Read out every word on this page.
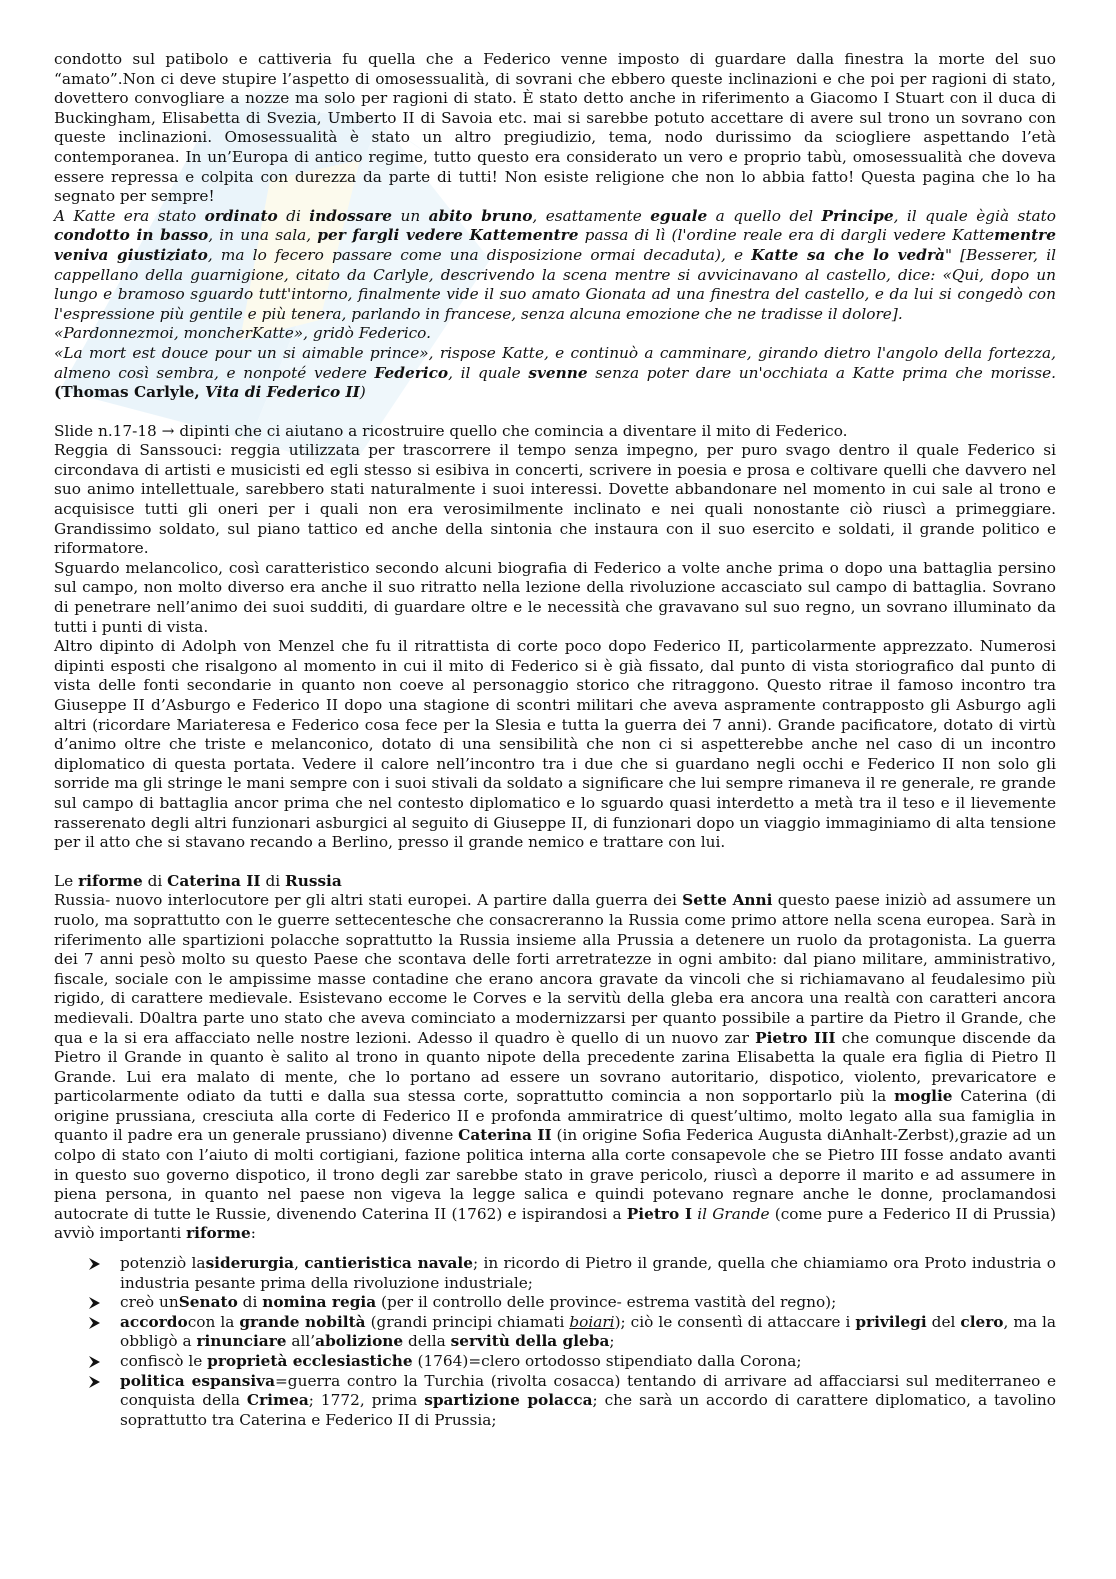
condotto sul patibolo e cattiveria fu quella che a Federico venne imposto di guardare dalla finestra la morte del suo “amato”.Non ci deve stupire l’aspetto di omosessualità, di sovrani che ebbero queste inclinazioni e che poi per ragioni di stato, dovettero convogliare a nozze ma solo per ragioni di stato. È stato detto anche in riferimento a Giacomo I Stuart con il duca di Buckingham, Elisabetta di Svezia, Umberto II di Savoia etc. mai si sarebbe potuto accettare di avere sul trono un sovrano con queste inclinazioni. Omosessualità è stato un altro pregiudizio, tema, nodo durissimo da sciogliere aspettando l’età contemporanea. In un’Europa di antico regime, tutto questo era considerato un vero e proprio tabù, omosessualità che doveva essere repressa e colpita con durezza da parte di tutti! Non esiste religione che non lo abbia fatto! Questa pagina che lo ha segnato per sempre!

A Katte era stato ordinato di indossare un abito bruno, esattamente eguale a quello del Principe, il quale ègià stato condotto in basso, in una sala, per fargli vedere Kattementre passa di lì (l'ordine reale era di dargli vedere Kattementre veniva giustiziato, ma lo fecero passare come una disposizione ormai decaduta), e Katte sa che lo vedrà" [Besserer, il cappellano della guarnigione, citato da Carlyle, descrivendo la scena mentre si avvicinavano al castello, dice: «Qui, dopo un lungo e bramoso sguardo tutt'intorno, finalmente vide il suo amato Gionata ad una finestra del castello, e da lui si congedò con l'espressione più gentile e più tenera, parlando in francese, senza alcuna emozione che ne tradisse il dolore].

«Pardonnezmoi, moncherKatte», gridò Federico.

«La mort est douce pour un si aimable prince», rispose Katte, e continuò a camminare, girando dietro l'angolo della fortezza, almeno così sembra, e nonpoté vedere Federico, il quale svenne senza poter dare un'occhiata a Katte prima che morisse. (Thomas Carlyle, Vita di Federico II)

Slide n.17-18 → dipinti che ci aiutano a ricostruire quello che comincia a diventare il mito di Federico.

Reggia di Sanssouci: reggia utilizzata per trascorrere il tempo senza impegno, per puro svago dentro il quale Federico si circondava di artisti e musicisti ed egli stesso si esibiva in concerti, scrivere in poesia e prosa e coltivare quelli che davvero nel suo animo intellettuale, sarebbero stati naturalmente i suoi interessi. Dovette abbandonare nel momento in cui sale al trono e acquisisce tutti gli oneri per i quali non era verosimilmente inclinato e nei quali nonostante ciò riuscì a primeggiare. Grandissimo soldato, sul piano tattico ed anche della sintonia che instaura con il suo esercito e soldati, il grande politico e riformatore.

Sguardo melancolico, così caratteristico secondo alcuni biografia di Federico a volte anche prima o dopo una battaglia persino sul campo, non molto diverso era anche il suo ritratto nella lezione della rivoluzione accasciato sul campo di battaglia. Sovrano di penetrare nell’animo dei suoi sudditi, di guardare oltre e le necessità che gravavano sul suo regno, un sovrano illuminato da tutti i punti di vista.

Altro dipinto di Adolph von Menzel che fu il ritrattista di corte poco dopo Federico II, particolarmente apprezzato. Numerosi dipinti esposti che risalgono al momento in cui il mito di Federico si è già fissato, dal punto di vista storiografico dal punto di vista delle fonti secondarie in quanto non coeve al personaggio storico che ritraggono. Questo ritrae il famoso incontro tra Giuseppe II d’Asburgo e Federico II dopo una stagione di scontri militari che aveva aspramente contrapposto gli Asburgo agli altri (ricordare Mariateresa e Federico cosa fece per la Slesia e tutta la guerra dei 7 anni). Grande pacificatore, dotato di virtù d’animo oltre che triste e melanconico, dotato di una sensibilità che non ci si aspetterebbe anche nel caso di un incontro diplomatico di questa portata. Vedere il calore nell’incontro tra i due che si guardano negli occhi e Federico II non solo gli sorride ma gli stringe le mani sempre con i suoi stivali da soldato a significare che lui sempre rimaneva il re generale, re grande sul campo di battaglia ancor prima che nel contesto diplomatico e lo sguardo quasi interdetto a metà tra il teso e il lievemente rasserenato degli altri funzionari asburgici al seguito di Giuseppe II, di funzionari dopo un viaggio immaginiamo di alta tensione per il atto che si stavano recando a Berlino, presso il grande nemico e trattare con lui.

Le riforme di Caterina II di Russia

Russia- nuovo interlocutore per gli altri stati europei. A partire dalla guerra dei Sette Anni questo paese iniziò ad assumere un ruolo, ma soprattutto con le guerre settecentesche che consacreranno la Russia come primo attore nella scena europea. Sarà in riferimento alle spartizioni polacche soprattutto la Russia insieme alla Prussia a detenere un ruolo da protagonista. La guerra dei 7 anni pesò molto su questo Paese che scontava delle forti arretratezze in ogni ambito: dal piano militare, amministrativo, fiscale, sociale con le ampissime masse contadine che erano ancora gravate da vincoli che si richiamavano al feudalesimo più rigido, di carattere medievale. Esistevano eccome le Corves e la servitù della gleba era ancora una realtà con caratteri ancora medievali. D0altra parte uno stato che aveva cominciato a modernizzarsi per quanto possibile a partire da Pietro il Grande, che qua e la si era affacciato nelle nostre lezioni. Adesso il quadro è quello di un nuovo zar Pietro III che comunque discende da Pietro il Grande in quanto è salito al trono in quanto nipote della precedente zarina Elisabetta la quale era figlia di Pietro Il Grande. Lui era malato di mente, che lo portano ad essere un sovrano autoritario, dispotico, violento, prevaricatore e particolarmente odiato da tutti e dalla sua stessa corte, soprattutto comincia a non sopportarlo più la moglie Caterina (di origine prussiana, cresciuta alla corte di Federico II e profonda ammiratrice di quest’ultimo, molto legato alla sua famiglia in quanto il padre era un generale prussiano) divenne Caterina II (in origine Sofia Federica Augusta diAnhalt-Zerbst),grazie ad un colpo di stato con l’aiuto di molti cortigiani, fazione politica interna alla corte consapevole che se Pietro III fosse andato avanti in questo suo governo dispotico, il trono degli zar sarebbe stato in grave pericolo, riuscì a deporre il marito e ad assumere in piena persona, in quanto nel paese non vigeva la legge salica e quindi potevano regnare anche le donne, proclamandosi autocrate di tutte le Russie, divenendo Caterina II (1762) e ispirandosi a Pietro I il Grande (come pure a Federico II di Prussia) avviò importanti riforme:

potenziò lasiderurgia, cantieristica navale; in ricordo di Pietro il grande, quella che chiamiamo ora Proto industria o industria pesante prima della rivoluzione industriale;
creò unSenato di nomina regia (per il controllo delle province- estrema vastità del regno);
accordocon la grande nobiltà (grandi principi chiamati boiari); ciò le consentì di attaccare i privilegi del clero, ma la obbligò a rinunciare all’abolizione della servitù della gleba;
confiscò le proprietà ecclesiastiche (1764)=clero ortodosso stipendiato dalla Corona;
politica espansiva=guerra contro la Turchia (rivolta cosacca) tentando di arrivare ad affacciarsi sul mediterraneo e conquista della Crimea; 1772, prima spartizione polacca; che sarà un accordo di carattere diplomatico, a tavolino soprattutto tra Caterina e Federico II di Prussia;
